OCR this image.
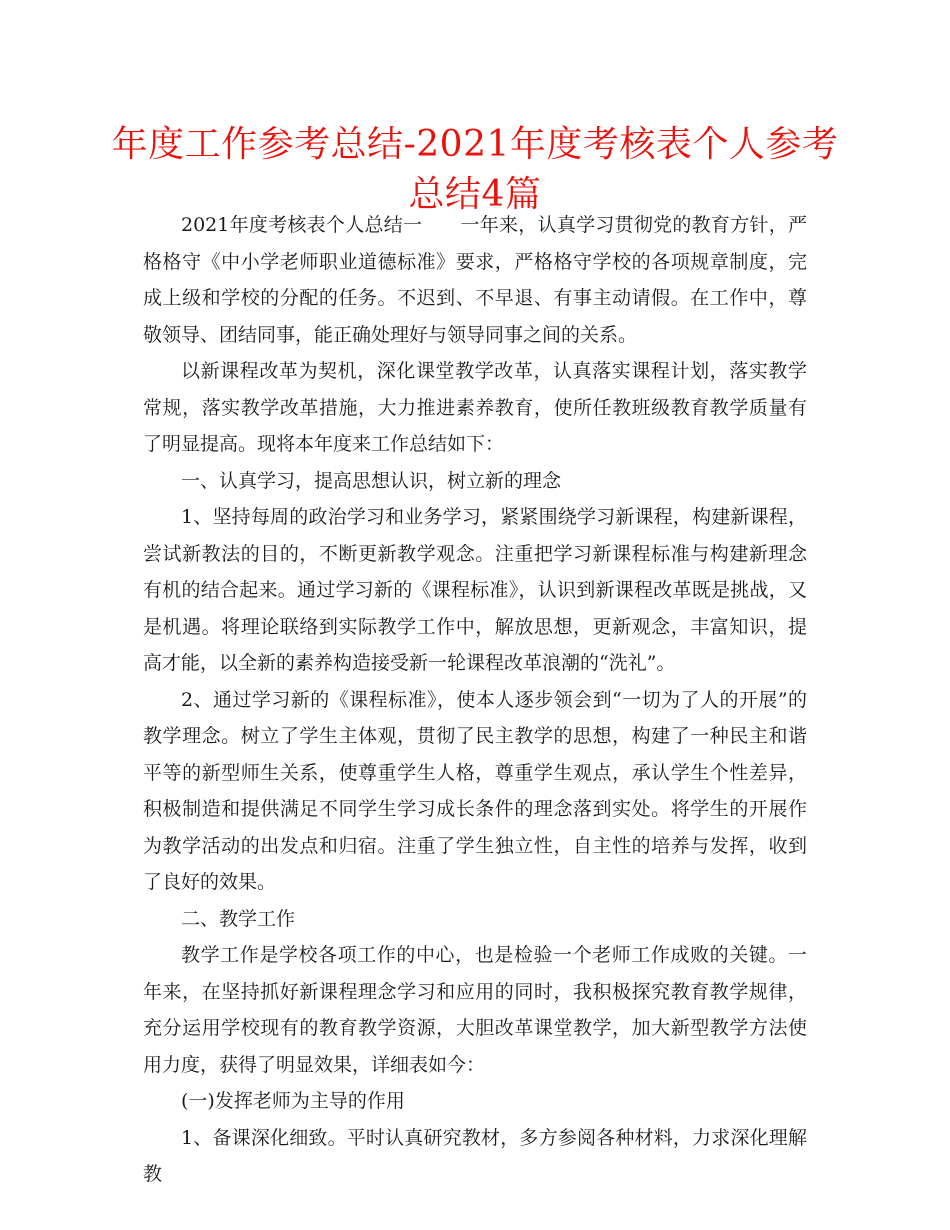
年度工作参考总结-2021年度考核表个人参考总结4篇

2021年度考核表个人总结一 一年来，认真学习贯彻党的教育方针，严格格守《中小学老师职业道德标准》要求，严格格守学校的各项规章制度，完成上级和学校的分配的任务。不迟到、不早退、有事主动请假。在工作中，尊敬领导、团结同事，能正确处理好与领导同事之间的关系。

以新课程改革为契机，深化课堂教学改革，认真落实课程计划，落实教学常规，落实教学改革措施，大力推进素养教育，使所任教班级教育教学质量有了明显提高。现将本年度来工作总结如下：

一、认真学习，提高思想认识，树立新的理念

1、坚持每周的政治学习和业务学习，紧紧围绕学习新课程，构建新课程，尝试新教法的目的，不断更新教学观念。注重把学习新课程标准与构建新理念有机的结合起来。通过学习新的《课程标准》，认识到新课程改革既是挑战，又是机遇。将理论联络到实际教学工作中，解放思想，更新观念，丰富知识，提高才能，以全新的素养构造接受新一轮课程改革浪潮的“洗礼”。

2、通过学习新的《课程标准》，使本人逐步领会到“一切为了人的开展”的教学理念。树立了学生主体观，贯彻了民主教学的思想，构建了一种民主和谐平等的新型师生关系，使尊重学生人格，尊重学生观点，承认学生个性差异，积极制造和提供满足不同学生学习成长条件的理念落到实处。将学生的开展作为教学活动的出发点和归宿。注重了学生独立性，自主性的培养与发挥，收到了良好的效果。

二、教学工作

教学工作是学校各项工作的中心，也是检验一个老师工作成败的关键。一年来，在坚持抓好新课程理念学习和应用的同时，我积极探究教育教学规律，充分运用学校现有的教育教学资源，大胆改革课堂教学，加大新型教学方法使用力度，获得了明显效果，详细表如今：

(一)发挥老师为主导的作用

1、备课深化细致。平时认真研究教材，多方参阅各种材料，力求深化理解教
